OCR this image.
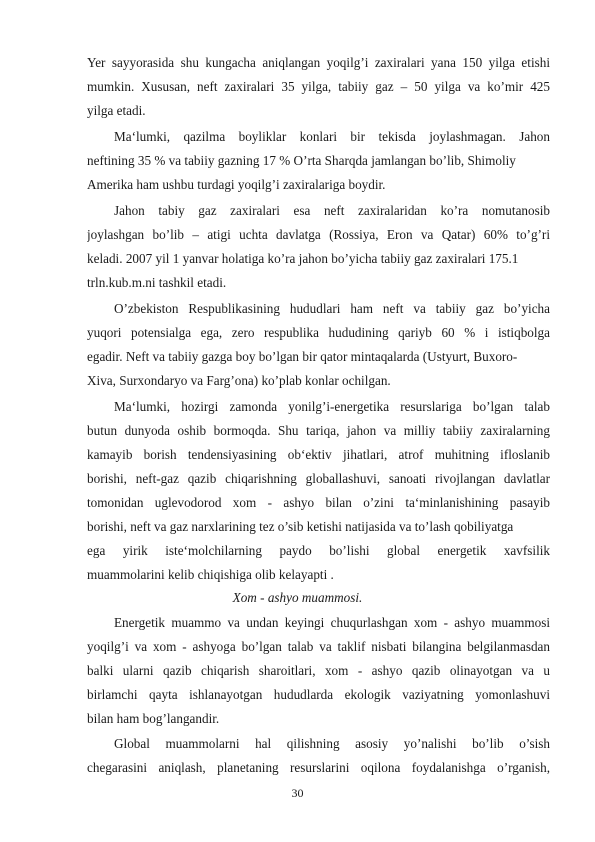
Yer sayyorasida shu kungacha aniqlangan yoqilg’i zaxiralari yana 150 yilga etishi
mumkin. Xususan, neft zaxiralari 35 yilga, tabiiy gaz – 50 yilga va ko’mir 425
yilga etadi.
Ma‘lumki, qazilma boyliklar konlari bir tekisda joylashmagan. Jahon
neftining 35 % va tabiiy gazning 17 % O’rta Sharqda jamlangan bo’lib, Shimoliy
Amerika ham ushbu turdagi yoqilg’i zaxiralariga boydir.
Jahon tabiy gaz zaxiralari esa neft zaxiralaridan ko’ra nomutanosib
joylashgan bo’lib – atigi uchta davlatga (Rossiya, Eron va Qatar) 60% to’g’ri
keladi. 2007 yil 1 yanvar holatiga ko’ra jahon bo’yicha tabiiy gaz zaxiralari 175.1
trln.kub.m.ni tashkil etadi.
O’zbekiston Respublikasining hududlari ham neft va tabiiy gaz bo’yicha
yuqori potensialga ega, zero respublika hududining qariyb 60 % i istiqbolga
egadir. Neft va tabiiy gazga boy bo’lgan bir qator mintaqalarda (Ustyurt, Buxoro-
Xiva, Surxondaryo va Farg’ona) ko’plab konlar ochilgan.
Ma‘lumki, hozirgi zamonda yonilg’i-energetika resurslariga bo’lgan talab
butun dunyoda oshib bormoqda. Shu tariqa, jahon va milliy tabiiy zaxiralarning
kamayib borish tendensiyasining ob‘ektiv jihatlari, atrof muhitning ifloslanib
borishi, neft-gaz qazib chiqarishning globallashuvi, sanoati rivojlangan davlatlar
tomonidan uglevodorod xom - ashyo bilan o’zini ta‘minlanishining pasayib
borishi, neft va gaz narxlarining tez o’sib ketishi natijasida va to’lash qobiliyatga
ega yirik iste‘molchilarning paydo bo’lishi global energetik xavfsilik
muammolarini kelib chiqishiga olib kelayapti .
Xom - ashyo muammosi.
Energetik muammo va undan keyingi chuqurlashgan xom - ashyo muammosi
yoqilg’i va xom - ashyoga bo’lgan talab va taklif nisbati bilangina belgilanmasdan
balki ularni qazib chiqarish sharoitlari, xom - ashyo qazib olinayotgan va u
birlamchi qayta ishlanayotgan hududlarda ekologik vaziyatning yomonlashuvi
bilan ham bog’langandir.
Global muammolarni hal qilishning asosiy yo’nalishi bo’lib o’sish
chegarasini aniqlash, planetaning resurslarini oqilona foydalanishga o’rganish,
30
